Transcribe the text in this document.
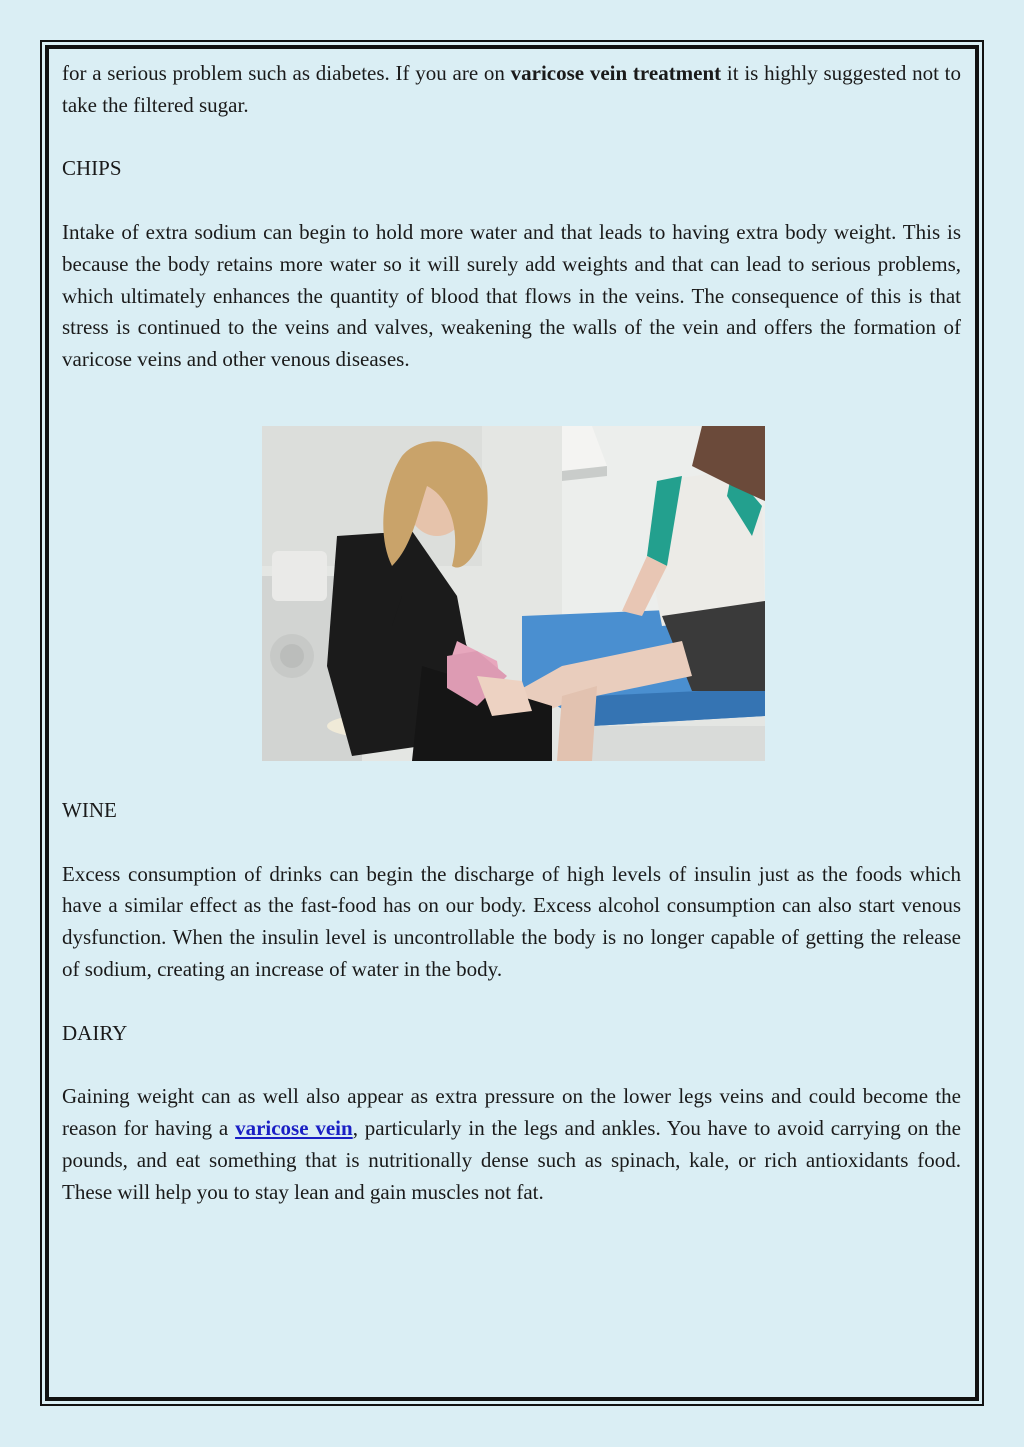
for a serious problem such as diabetes. If you are on varicose vein treatment it is highly suggested not to take the filtered sugar.

CHIPS

Intake of extra sodium can begin to hold more water and that leads to having extra body weight. This is because the body retains more water so it will surely add weights and that can lead to serious problems, which ultimately enhances the quantity of blood that flows in the veins. The consequence of this is that stress is continued to the veins and valves, weakening the walls of the vein and offers the formation of varicose veins and other venous diseases.

WINE

Excess consumption of drinks can begin the discharge of high levels of insulin just as the foods which have a similar effect as the fast-food has on our body. Excess alcohol consumption can also start venous dysfunction. When the insulin level is uncontrollable the body is no longer capable of getting the release of sodium, creating an increase of water in the body.

DAIRY

Gaining weight can as well also appear as extra pressure on the lower legs veins and could become the reason for having a varicose vein, particularly in the legs and ankles. You have to avoid carrying on the pounds, and eat something that is nutritionally dense such as spinach, kale, or rich antioxidants food. These will help you to stay lean and gain muscles not fat.
